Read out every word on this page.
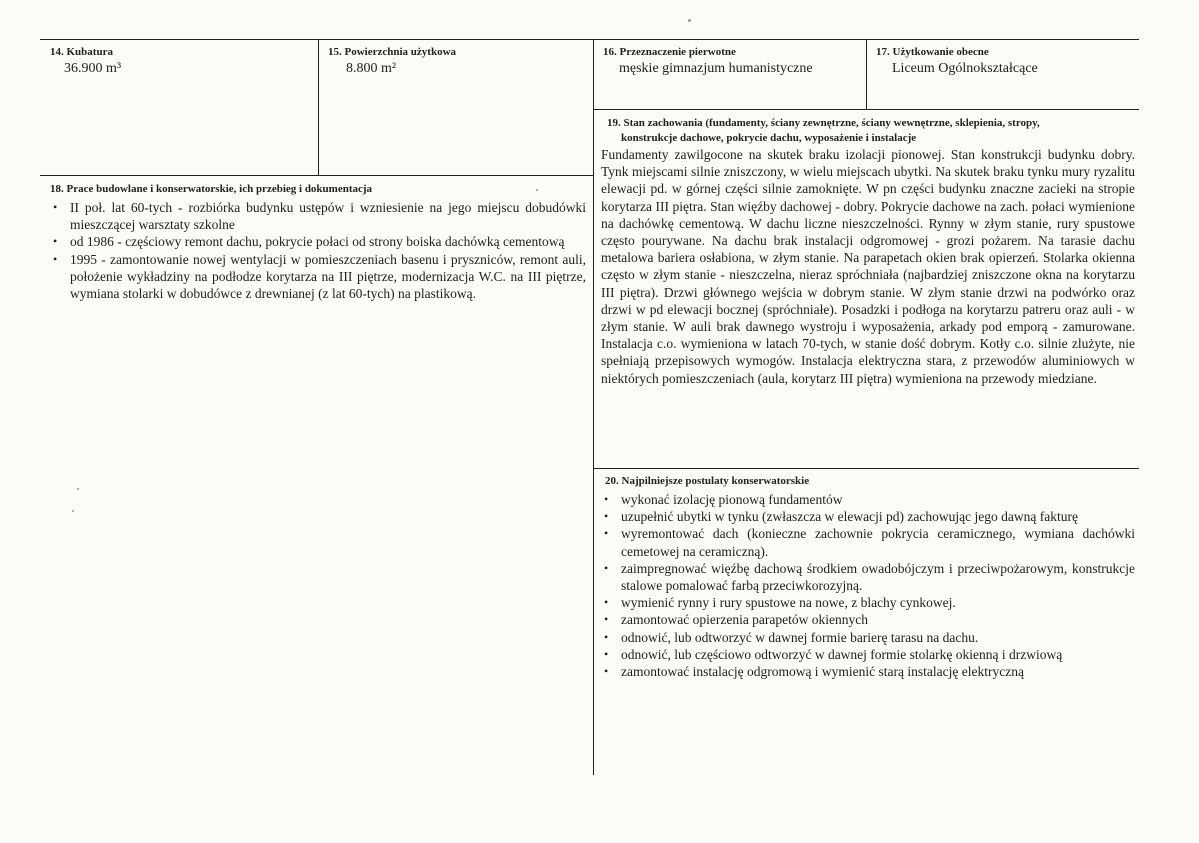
14. Kubatura
36.900 m³
15. Powierzchnia użytkowa
8.800 m²
16. Przeznaczenie pierwotne
męskie gimnazjum humanistyczne
17. Użytkowanie obecne
Liceum Ogólnokształcące
18. Prace budowlane i konserwatorskie, ich przebieg i dokumentacja
• II poł. lat 60-tych - rozbiórka budynku ustępów i wzniesienie na jego miejscu dobudówki mieszczącej warsztaty szkolne
• od 1986 - częściowy remont dachu, pokrycie połaci od strony boiska dachówką cementową
• 1995 - zamontowanie nowej wentylacji w pomieszczeniach basenu i pryszniców, remont auli, położenie wykładziny na podłodze korytarza na III piętrze, modernizacja W.C. na III piętrze, wymiana stolarki w dobudówce z drewnianej (z lat 60-tych) na plastikową.
19. Stan zachowania (fundamenty, ściany zewnętrzne, ściany wewnętrzne, sklepienia, stropy,
konstrukcje dachowe, pokrycie dachu, wyposażenie i instalacje
Fundamenty zawilgocone na skutek braku izolacji pionowej. Stan konstrukcji budynku dobry. Tynk miejscami silnie zniszczony, w wielu miejscach ubytki. Na skutek braku tynku mury ryzalitu elewacji pd. w górnej części silnie zamoknięte. W pn części budynku znaczne zacieki na stropie korytarza III piętra. Stan więźby dachowej - dobry. Pokrycie dachowe na zach. połaci wymienione na dachówkę cementową. W dachu liczne nieszczelności. Rynny w złym stanie, rury spustowe często pourywane. Na dachu brak instalacji odgromowej - grozi pożarem. Na tarasie dachu metalowa bariera osłabiona, w złym stanie. Na parapetach okien brak opierzeń. Stolarka okienna często w złym stanie - nieszczelna, nieraz spróchniała (najbardziej zniszczone okna na korytarzu III piętra). Drzwi głównego wejścia w dobrym stanie. W złym stanie drzwi na podwórko oraz drzwi w pd elewacji bocznej (spróchniałe). Posadzki i podłoga na korytarzu patreru oraz auli - w złym stanie. W auli brak dawnego wystroju i wyposażenia, arkady pod emporą - zamurowane. Instalacja c.o. wymieniona w latach 70-tych, w stanie dość dobrym. Kotły c.o. silnie zlużyte, nie spełniają przepisowych wymogów. Instalacja elektryczna stara, z przewodów aluminiowych w niektórych pomieszczeniach (aula, korytarz III piętra) wymieniona na przewody miedziane.
20. Najpilniejsze postulaty konserwatorskie
• wykonać izolację pionową fundamentów
• uzupełnić ubytki w tynku (zwłaszcza w elewacji pd) zachowując jego dawną fakturę
• wyremontować dach (konieczne zachownie pokrycia ceramicznego, wymiana dachówki cemetowej na ceramiczną).
• zaimpregnować więźbę dachową środkiem owadobójczym i przeciwpożarowym, konstrukcje stalowe pomalować farbą przeciwkorozyjną.
• wymienić rynny i rury spustowe na nowe, z blachy cynkowej.
• zamontować opierzenia parapetów okiennych
• odnowić, lub odtworzyć w dawnej formie barierę tarasu na dachu.
• odnowić, lub częściowo odtworzyć w dawnej formie stolarkę okienną i drzwiową
• zamontować instalację odgromową i wymienić starą instalację elektryczną
